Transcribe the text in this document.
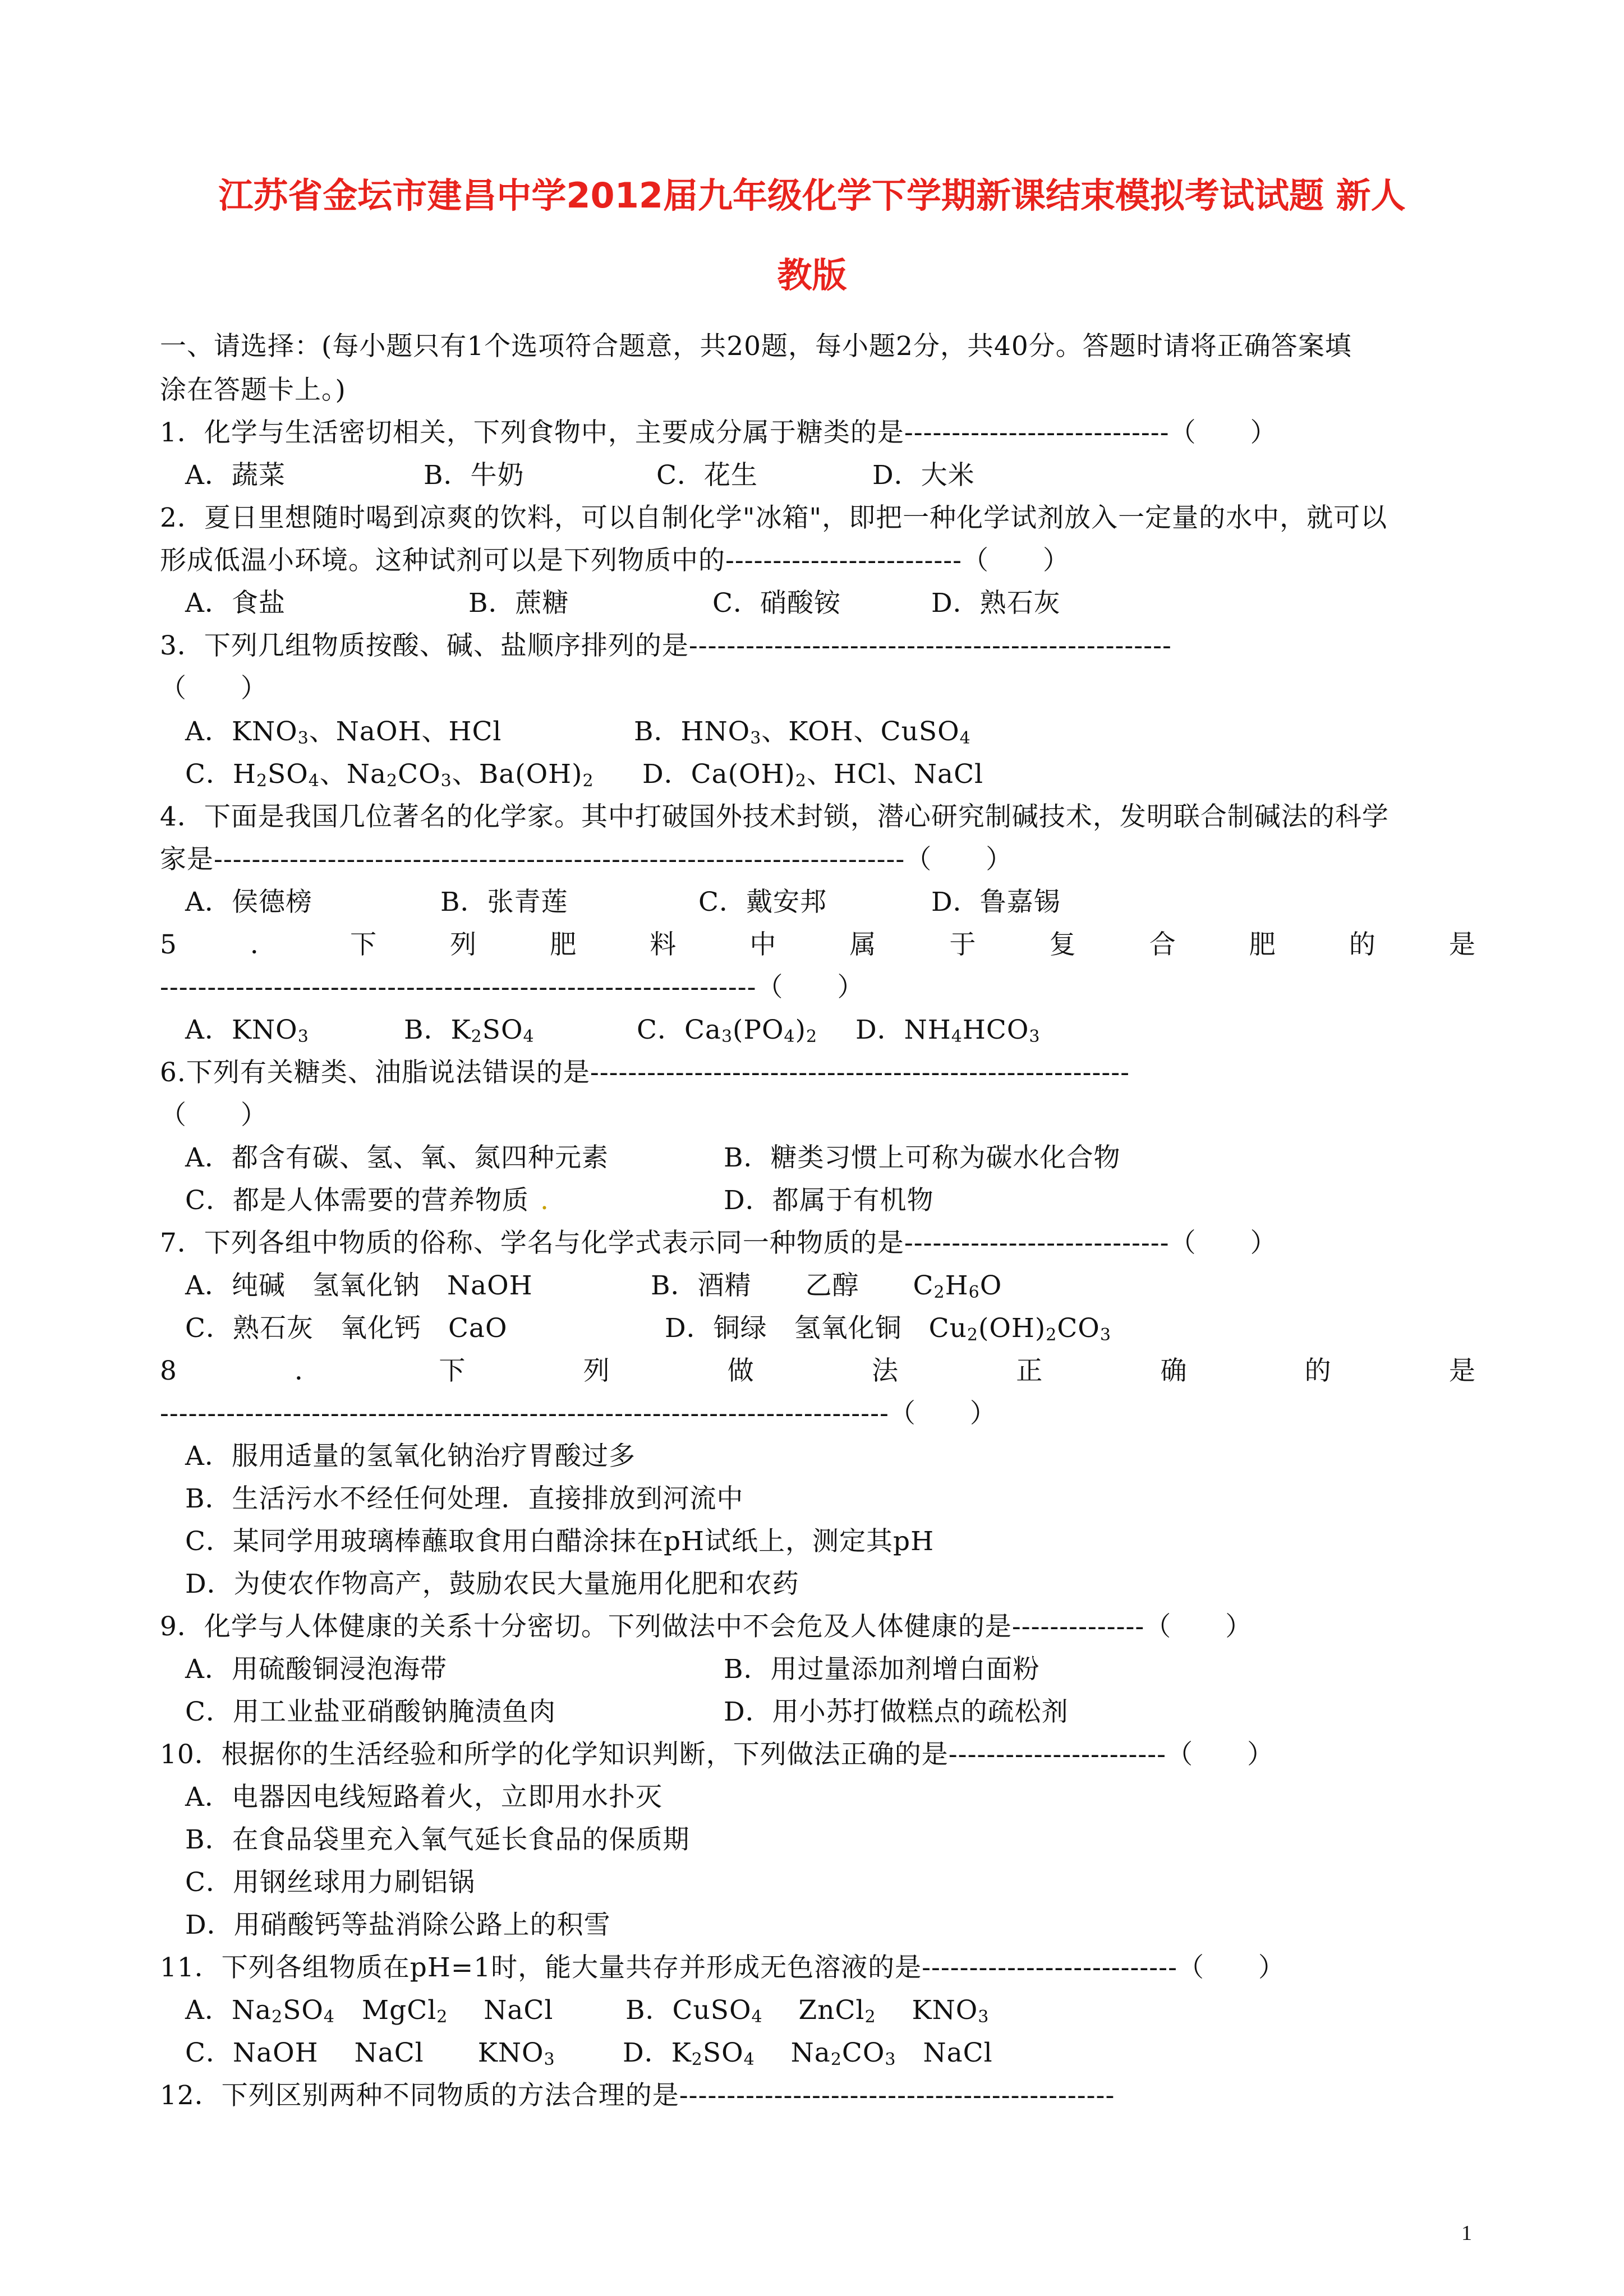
江苏省金坛市建昌中学2012届九年级化学下学期新课结束模拟考试试题 新人
教版
一、请选择：(每小题只有1个选项符合题意，共20题，每小题2分，共40分。答题时请将正确答案填
涂在答题卡上。)
1．化学与生活密切相关，下列食物中，主要成分属于糖类的是----------------------------（　　）
A．蔬菜	B．牛奶	C．花生	D．大米
2．夏日里想随时喝到凉爽的饮料，可以自制化学"冰箱"，即把一种化学试剂放入一定量的水中，就可以
形成低温小环境。这种试剂可以是下列物质中的-------------------------（　　）
A．食盐	B．蔗糖	C．硝酸铵	D．熟石灰
3．下列几组物质按酸、碱、盐顺序排列的是---------------------------------------------------
（　　）
A．$KNO_3$、NaOH、HCl	B．$HNO_3$、KOH、CuSO$_4$
C．$H_2SO_4$、$Na_2CO_3$、$Ba(OH)_2$ D．$Ca(OH)_2$、HCl、NaCl
4．下面是我国几位著名的化学家。其中打破国外技术封锁，潜心研究制碱技术，发明联合制碱法的科学
家是-------------------------------------------------------------------------（　　）
A．侯德榜	B．张青莲	C．戴安邦	D．鲁嘉锡
5	．	下	列	肥	料	中	属	于	复	合	肥	的	是
---------------------------------------------------------------（　　）
A．$KNO_3$	B．$K_2SO_4$	C．$Ca_3(PO_4)_2$ D．$NH_4HCO_3$
6.下列有关糖类、油脂说法错误的是---------------------------------------------------------
（　　）
A．都含有碳、氢、氧、氮四种元素	B．糖类习惯上可称为碳水化合物
C．都是人体需要的营养物质 .	D．都属于有机物
7．下列各组中物质的俗称、学名与化学式表示同一种物质的是----------------------------（　　）
A．纯碱　氢氧化钠　NaOH	B．酒精　　乙醇　　$C_2H_6O$
C．熟石灰　氧化钙　CaO	D．铜绿　氢氧化铜　$Cu_2(OH)_2CO_3$
8	．	下	列	做	法	正	确	的	是
-----------------------------------------------------------------------------（　　）
A．服用适量的氢氧化钠治疗胃酸过多
B．生活污水不经任何处理．直接排放到河流中
C．某同学用玻璃棒蘸取食用白醋涂抹在pH试纸上，测定其pH
D．为使农作物高产，鼓励农民大量施用化肥和农药
9．化学与人体健康的关系十分密切。下列做法中不会危及人体健康的是--------------（　　）
A．用硫酸铜浸泡海带	B．用过量添加剂增白面粉
C．用工业盐亚硝酸钠腌渍鱼肉	D．用小苏打做糕点的疏松剂
10．根据你的生活经验和所学的化学知识判断，下列做法正确的是-----------------------（　　）
A．电器因电线短路着火，立即用水扑灭
B．在食品袋里充入氧气延长食品的保质期
C．用钢丝球用力刷铝锅
D．用硝酸钙等盐消除公路上的积雪
11．下列各组物质在pH=1时，能大量共存并形成无色溶液的是---------------------------（　　）
A．$Na_2SO_4$　MgCl$_2$　 NaCl	B．CuSO$_4$　 ZnCl$_2$　 $KNO_3$
C．NaOH　 NaCl　　$KNO_3$	D．$K_2SO_4$　 $Na_2CO_3$　NaCl
12．下列区别两种不同物质的方法合理的是----------------------------------------------
1
